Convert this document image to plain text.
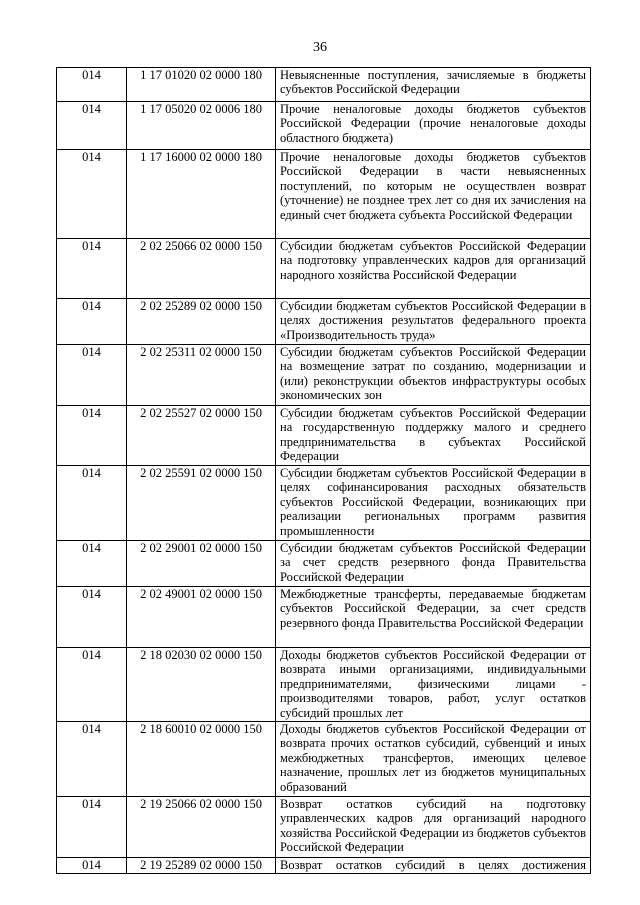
36
014	1 17 01020 02 0000 180	Невыясненные поступления, зачисляемые в бюджеты субъектов Российской Федерации
014	1 17 05020 02 0006 180	Прочие неналоговые доходы бюджетов субъектов Российской Федерации (прочие неналоговые доходы областного бюджета)
014	1 17 16000 02 0000 180	Прочие неналоговые доходы бюджетов субъектов Российской Федерации в части невыясненных поступлений, по которым не осуществлен возврат (уточнение) не позднее трех лет со дня их зачисления на единый счет бюджета субъекта Российской Федерации
014	2 02 25066 02 0000 150	Субсидии бюджетам субъектов Российской Федерации на подготовку управленческих кадров для организаций народного хозяйства Российской Федерации
014	2 02 25289 02 0000 150	Субсидии бюджетам субъектов Российской Федерации в целях достижения результатов федерального проекта «Производительность труда»
014	2 02 25311 02 0000 150	Субсидии бюджетам субъектов Российской Федерации на возмещение затрат по созданию, модернизации и (или) реконструкции объектов инфраструктуры особых экономических зон
014	2 02 25527 02 0000 150	Субсидии бюджетам субъектов Российской Федерации на государственную поддержку малого и среднего предпринимательства в субъектах Российской Федерации
014	2 02 25591 02 0000 150	Субсидии бюджетам субъектов Российской Федерации в целях софинансирования расходных обязательств субъектов Российской Федерации, возникающих при реализации региональных программ развития промышленности
014	2 02 29001 02 0000 150	Субсидии бюджетам субъектов Российской Федерации за счет средств резервного фонда Правительства Российской Федерации
014	2 02 49001 02 0000 150	Межбюджетные трансферты, передаваемые бюджетам субъектов Российской Федерации, за счет средств резервного фонда Правительства Российской Федерации
014	2 18 02030 02 0000 150	Доходы бюджетов субъектов Российской Федерации от возврата иными организациями, индивидуальными предпринимателями, физическими лицами - производителями товаров, работ, услуг остатков субсидий прошлых лет
014	2 18 60010 02 0000 150	Доходы бюджетов субъектов Российской Федерации от возврата прочих остатков субсидий, субвенций и иных межбюджетных трансфертов, имеющих целевое назначение, прошлых лет из бюджетов муниципальных образований
014	2 19 25066 02 0000 150	Возврат остатков субсидий на подготовку управленческих кадров для организаций народного хозяйства Российской Федерации из бюджетов субъектов Российской Федерации
014	2 19 25289 02 0000 150	Возврат остатков субсидий в целях достижения
